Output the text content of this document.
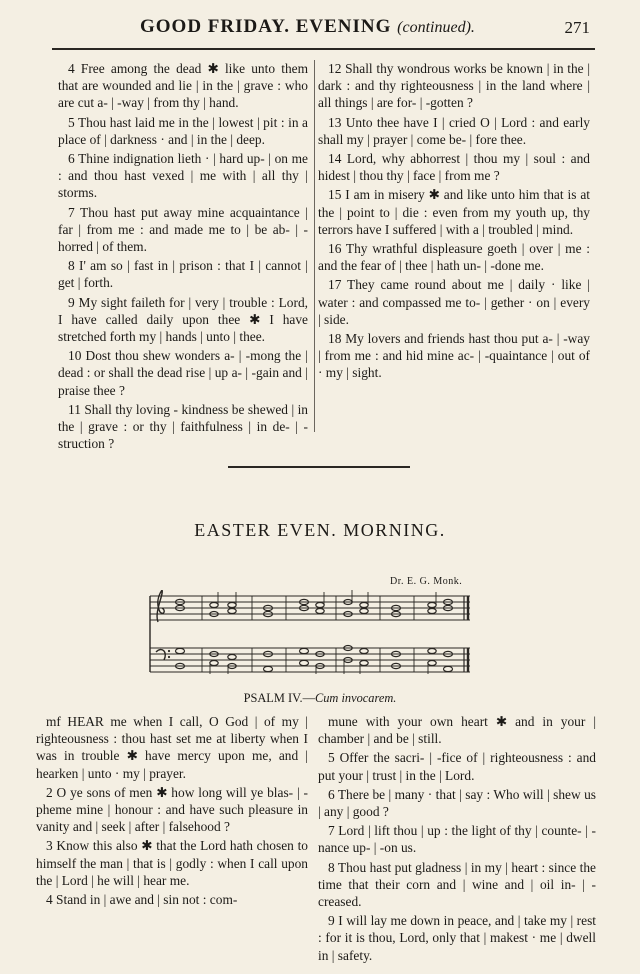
GOOD FRIDAY. EVENING (continued).	271

4 Free among the dead ✱ like unto them that are wounded and lie | in the | grave : who are cut a- | -way | from thy | hand.

5 Thou hast laid me in the | lowest | pit : in a place of | darkness · and | in the | deep.

6 Thine indignation lieth · | hard up- | on me : and thou hast vexed | me with | all thy | storms.

7 Thou hast put away mine acquaintance | far | from me : and made me to | be ab- | -horred | of them.

8 I' am so | fast in | prison : that I | cannot | get | forth.

9 My sight faileth for | very | trouble : Lord, I have called daily upon thee ✱ I have stretched forth my | hands | unto | thee.

10 Dost thou shew wonders a- | -mong the | dead : or shall the dead rise | up a- | -gain and | praise thee ?

11 Shall thy loving - kindness be shewed | in the | grave : or thy | faithfulness | in de- | -struction ?

12 Shall thy wondrous works be known | in the | dark : and thy righteousness | in the land where | all things | are for- | -gotten ?

13 Unto thee have I | cried O | Lord : and early shall my | prayer | come be- | fore thee.

14 Lord, why abhorrest | thou my | soul : and hidest | thou thy | face | from me ?

15 I am in misery ✱ and like unto him that is at the | point to | die : even from my youth up, thy terrors have I suffered | with a | troubled | mind.

16 Thy wrathful displeasure goeth | over | me : and the fear of | thee | hath un- | -done me.

17 They came round about me | daily · like | water : and compassed me to- | gether · on | every | side.

18 My lovers and friends hast thou put a- | -way | from me : and hid mine ac- | -quaintance | out of · my | sight.

EASTER EVEN. MORNING.
Dr. E. G. Monk.
PSALM IV.—Cum invocarem.

mf HEAR me when I call, O God | of my | righteousness : thou hast set me at liberty when I was in trouble ✱ have mercy upon me, and | hearken | unto · my | prayer.

2 O ye sons of men ✱ how long will ye blas- | -pheme mine | honour : and have such pleasure in vanity and | seek | after | falsehood ?

3 Know this also ✱ that the Lord hath chosen to himself the man | that is | godly : when I call upon the | Lord | he will | hear me.

4 Stand in | awe and | sin not : com-

mune with your own heart ✱ and in your | chamber | and be | still.

5 Offer the sacri- | -fice of | righteousness : and put your | trust | in the | Lord.

6 There be | many · that | say : Who will | shew us | any | good ?

7 Lord | lift thou | up : the light of thy | counte- | -nance up- | -on us.

8 Thou hast put gladness | in my | heart : since the time that their corn and | wine and | oil in- | -creased.

9 I will lay me down in peace, and | take my | rest : for it is thou, Lord, only that | makest · me | dwell in | safety.
